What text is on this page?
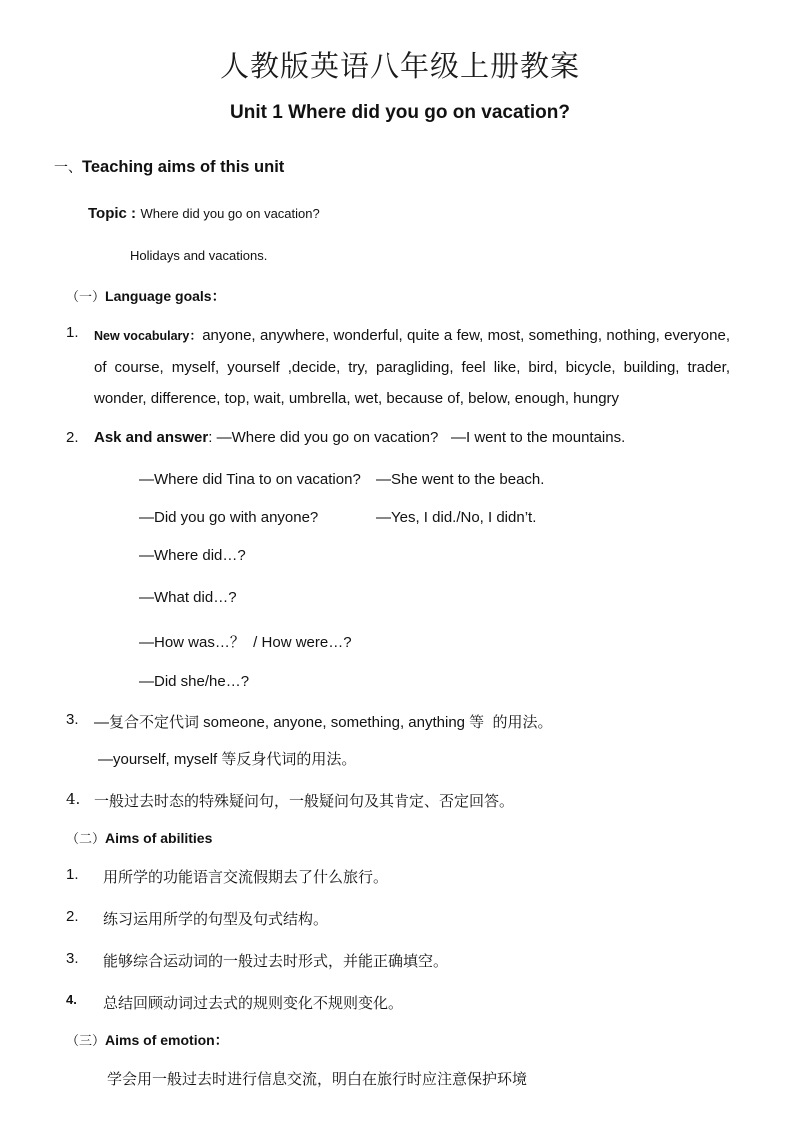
人教版英语八年级上册教案
Unit 1 Where did you go on vacation?
一、Teaching aims of this unit
Topic : Where did you go on vacation?
Holidays and vacations.
（一）Language goals：
1. New vocabulary：anyone, anywhere, wonderful, quite a few, most, something, nothing, everyone, of course, myself, yourself ,decide, try, paragliding, feel like, bird, bicycle, building, trader, wonder, difference, top, wait, umbrella, wet, because of, below, enough, hungry
2. Ask and answer: —Where did you go on vacation? —I went to the mountains.
—Where did Tina to on vacation? —She went to the beach.
—Did you go with anyone?	—Yes, I did./No, I didn’t.
—Where did…?
—What did…?
—How was…？  / How were…?
—Did she/he…?
3. —复合不定代词 someone, anyone, something, anything 等  的用法。
—yourself, myself 等反身代词的用法。
4. 一般过去时态的特殊疑问句，一般疑问句及其肯定、否定回答。
（二）Aims of abilities
1. 用所学的功能语言交流假期去了什么旅行。
2. 练习运用所学的句型及句式结构。
3. 能够综合运动词的一般过去时形式，并能正确填空。
4. 总结回顾动词过去式的规则变化不规则变化。
（三）Aims of emotion：
学会用一般过去时进行信息交流，明白在旅行时应注意保护环境
